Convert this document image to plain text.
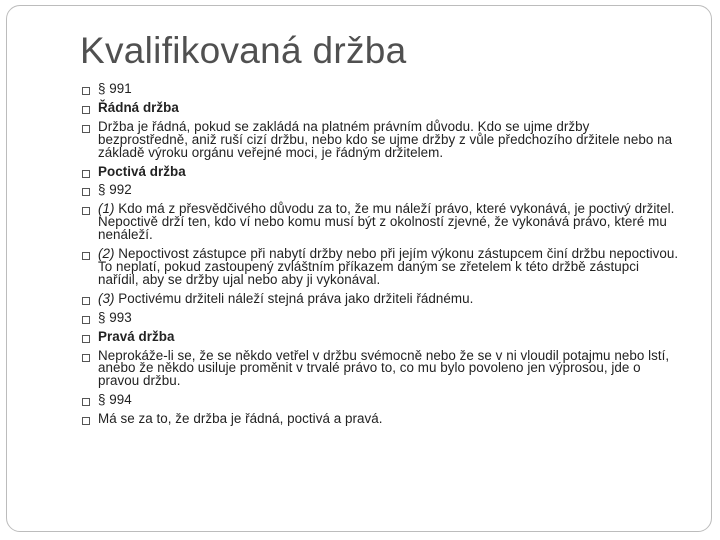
Kvalifikovaná držba
§ 991
Řádná držba
Držba je řádná, pokud se zakládá na platném právním důvodu. Kdo se ujme držby bezprostředně, aniž ruší cizí držbu, nebo kdo se ujme držby z vůle předchozího držitele nebo na základě výroku orgánu veřejné moci, je řádným držitelem.
Poctivá držba
§ 992
(1) Kdo má z přesvědčivého důvodu za to, že mu náleží právo, které vykonává, je poctivý držitel. Nepoctivě drží ten, kdo ví nebo komu musí být z okolností zjevné, že vykonává právo, které mu nenáleží.
(2) Nepoctivost zástupce při nabytí držby nebo při jejím výkonu zástupcem činí držbu nepoctivou. To neplatí, pokud zastoupený zvláštním příkazem daným se zřetelem k této držbě zástupci nařídil, aby se držby ujal nebo aby ji vykonával.
(3) Poctivému držiteli náleží stejná práva jako držiteli řádnému.
§ 993
Pravá držba
Neprokáže-li se, že se někdo vetřel v držbu svémocně nebo že se v ni vloudil potajmu nebo lstí, anebo že někdo usiluje proměnit v trvalé právo to, co mu bylo povoleno jen výprosou, jde o pravou držbu.
§ 994
Má se za to, že držba je řádná, poctivá a pravá.
